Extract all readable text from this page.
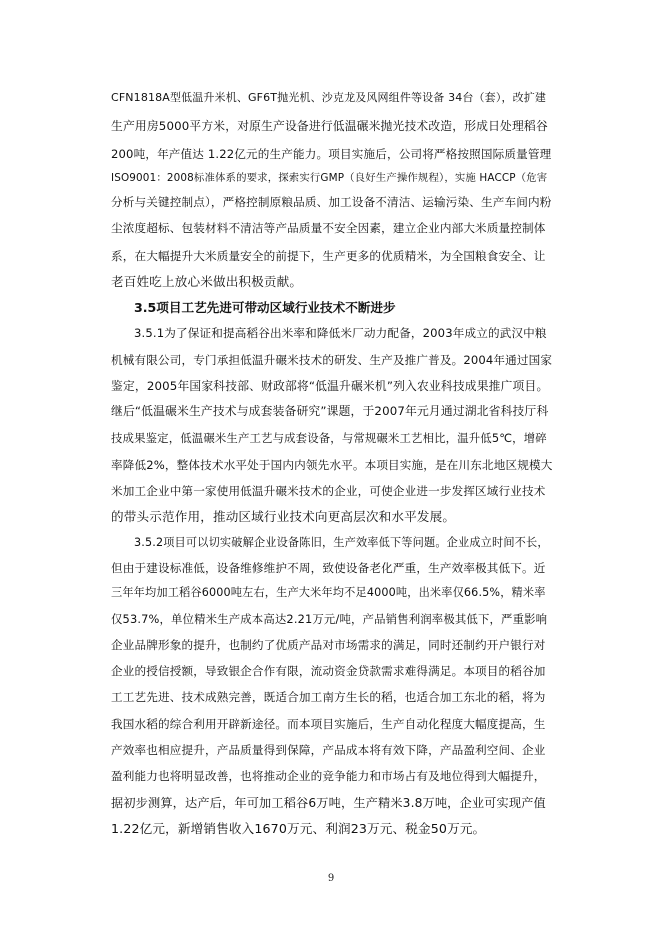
CFN1818A型低温升米机、GF6T抛光机、沙克龙及风网组件等设备 34台（套），改扩建
生产用房5000平方米，对原生产设备进行低温碾米抛光技术改造，形成日处理稻谷
200吨，年产值达 1.22亿元的生产能力。项目实施后，公司将严格按照国际质量管理
ISO9001：2008标准体系的要求，探索实行GMP（良好生产操作规程），实施 HACCP（危害
分析与关键控制点），严格控制原粮品质、加工设备不清洁、运输污染、生产车间内粉
尘浓度超标、包装材料不清洁等产品质量不安全因素，建立企业内部大米质量控制体
系，在大幅提升大米质量安全的前提下，生产更多的优质精米，为全国粮食安全、让
老百姓吃上放心米做出积极贡献。
3.5项目工艺先进可带动区域行业技术不断进步
3.5.1为了保证和提高稻谷出米率和降低米厂动力配备，2003年成立的武汉中粮
机械有限公司，专门承担低温升碾米技术的研发、生产及推广普及。2004年通过国家
鉴定，2005年国家科技部、财政部将“低温升碾米机”列入农业科技成果推广项目。
继后“低温碾米生产技术与成套装备研究”课题，于2007年元月通过湖北省科技厅科
技成果鉴定，低温碾米生产工艺与成套设备，与常规碾米工艺相比，温升低5℃，增碎
率降低2%，整体技术水平处于国内内领先水平。本项目实施，是在川东北地区规模大
米加工企业中第一家使用低温升碾米技术的企业，可使企业进一步发挥区域行业技术
的带头示范作用，推动区域行业技术向更高层次和水平发展。
3.5.2项目可以切实破解企业设备陈旧，生产效率低下等问题。企业成立时间不长，
但由于建设标准低，设备维修维护不周，致使设备老化严重，生产效率极其低下。近
三年年均加工稻谷6000吨左右，生产大米年均不足4000吨，出米率仅66.5%，精米率
仅53.7%，单位精米生产成本高达2.21万元/吨，产品销售利润率极其低下，严重影响
企业品牌形象的提升，也制约了优质产品对市场需求的满足，同时还制约开户银行对
企业的授信授额，导致银企合作有限，流动资金贷款需求难得满足。本项目的稻谷加
工工艺先进、技术成熟完善，既适合加工南方生长的稻，也适合加工东北的稻，将为
我国水稻的综合利用开辟新途径。而本项目实施后，生产自动化程度大幅度提高，生
产效率也相应提升，产品质量得到保障，产品成本将有效下降，产品盈利空间、企业
盈利能力也将明显改善，也将推动企业的竞争能力和市场占有及地位得到大幅提升，
据初步测算，达产后，年可加工稻谷6万吨，生产精米3.8万吨，企业可实现产值
1.22亿元，新增销售收入1670万元、利润23万元、税金50万元。
9
